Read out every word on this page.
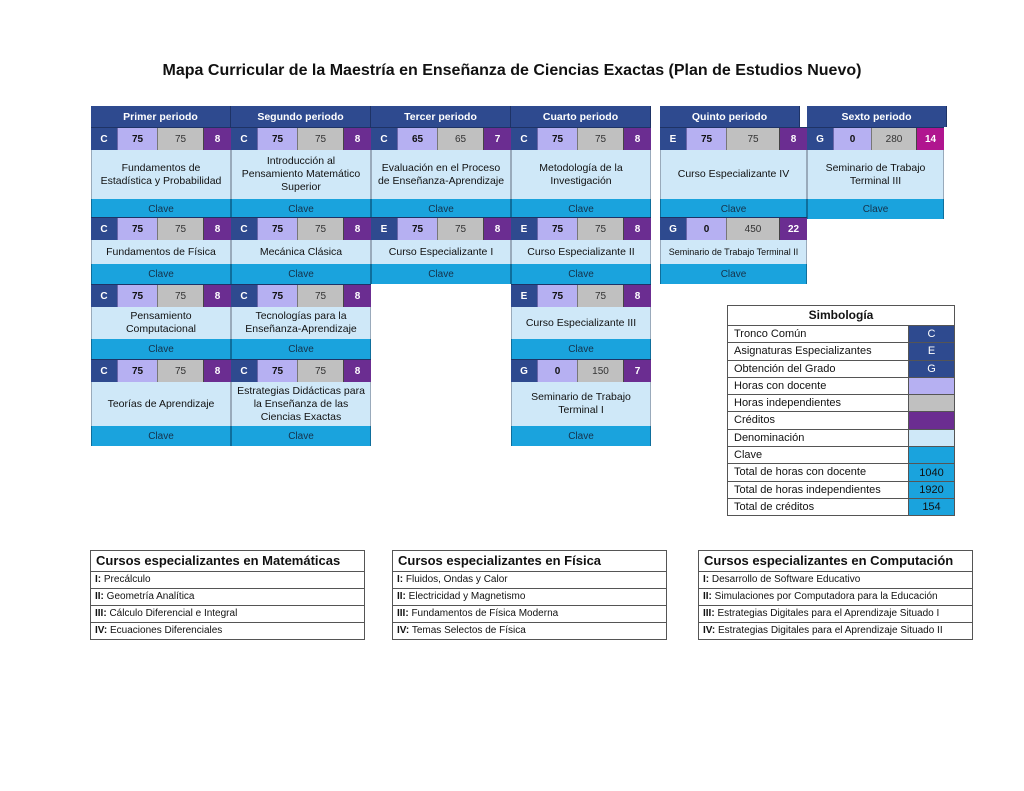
Mapa Curricular de la Maestría en Enseñanza de Ciencias Exactas (Plan de Estudios Nuevo)
Primer periodo	Segundo periodo	Tercer periodo	Cuarto periodo	Quinto periodo	Sexto periodo
C	75	75	8
Fundamentos de Estadística y Probabilidad
Clave
C	75	75	8
Introducción al Pensamiento Matemático Superior
Clave
C	65	65	7
Evaluación en el Proceso de Enseñanza-Aprendizaje
Clave
C	75	75	8
Metodología de la Investigación
Clave
E	75	75	8
Curso Especializante IV
Clave
G	0	280	14
Seminario de Trabajo Terminal III
Clave
C	75	75	8
Fundamentos de Física
Clave
C	75	75	8
Mecánica Clásica
Clave
E	75	75	8
Curso Especializante I
Clave
E	75	75	8
Curso Especializante II
Clave
G	0	450	22
Seminario de Trabajo Terminal II
Clave
C	75	75	8
Pensamiento Computacional
Clave
C	75	75	8
Tecnologías para la Enseñanza-Aprendizaje
Clave
E	75	75	8
Curso Especializante III
Clave
C	75	75	8
Teorías de Aprendizaje
Clave
C	75	75	8
Estrategias Didácticas para la Enseñanza de las Ciencias Exactas
Clave
G	0	150	7
Seminario de Trabajo Terminal I
Clave
Simbología
Tronco Común	C
Asignaturas Especializantes	E
Obtención del Grado	G
Horas con docente
Horas independientes
Créditos
Denominación
Clave
Total de horas con docente	1040
Total de horas independientes	1920
Total de créditos	154
Cursos especializantes en Matemáticas
I: Precálculo
II: Geometría Analítica
III: Cálculo Diferencial e Integral
IV: Ecuaciones Diferenciales
Cursos especializantes en Física
I: Fluidos, Ondas y Calor
II: Electricidad y Magnetismo
III: Fundamentos de Física Moderna
IV: Temas Selectos de Física
Cursos especializantes en Computación
I: Desarrollo de Software Educativo
II: Simulaciones por Computadora para la Educación
III: Estrategias Digitales para el Aprendizaje Situado I
IV: Estrategias Digitales para el Aprendizaje Situado II
